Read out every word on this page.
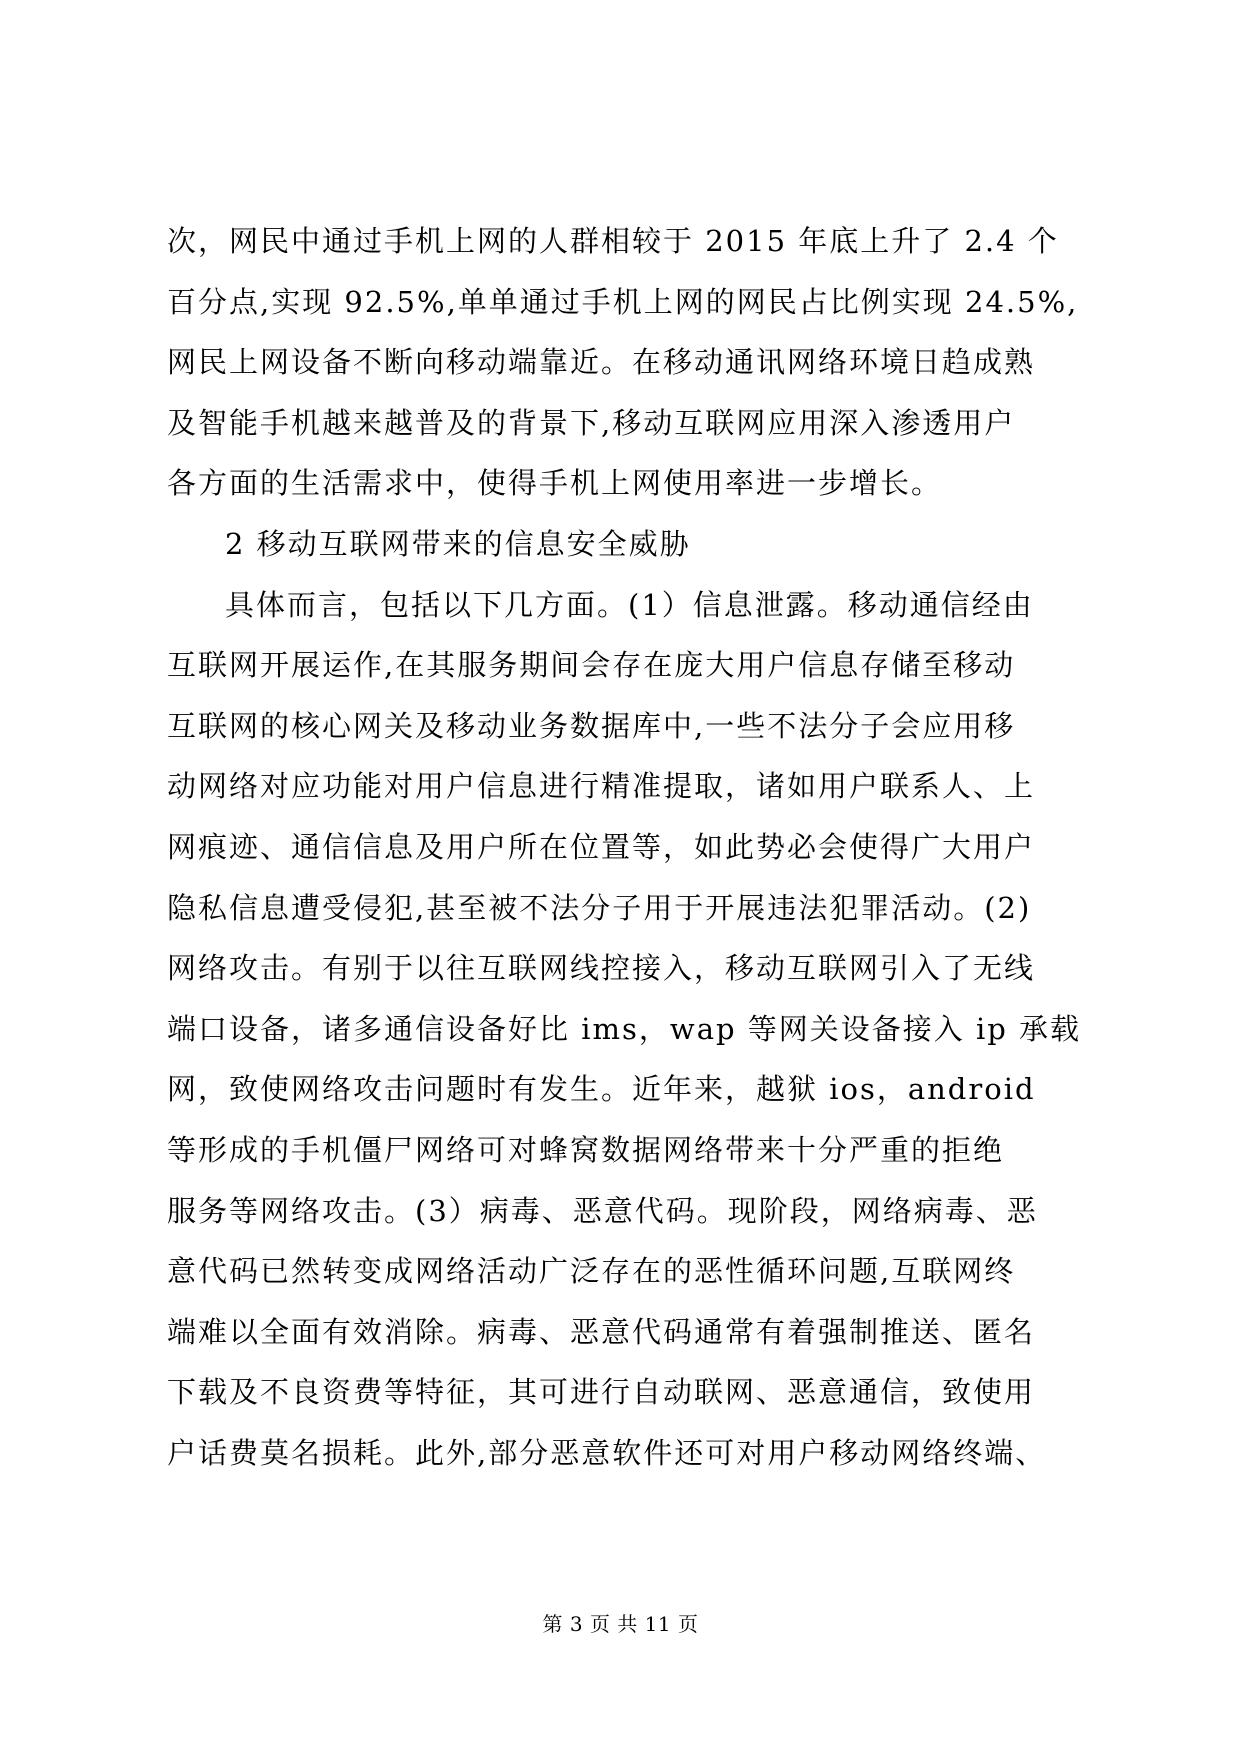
次，网民中通过手机上网的人群相较于 2015 年底上升了 2.4 个
百分点,实现 92.5%,单单通过手机上网的网民占比例实现 24.5%,
网民上网设备不断向移动端靠近。在移动通讯网络环境日趋成熟
及智能手机越来越普及的背景下,移动互联网应用深入渗透用户
各方面的生活需求中，使得手机上网使用率进一步增长。
2 移动互联网带来的信息安全威胁
具体而言，包括以下几方面。(1）信息泄露。移动通信经由
互联网开展运作,在其服务期间会存在庞大用户信息存储至移动
互联网的核心网关及移动业务数据库中,一些不法分子会应用移
动网络对应功能对用户信息进行精准提取，诸如用户联系人、上
网痕迹、通信信息及用户所在位置等，如此势必会使得广大用户
隐私信息遭受侵犯,甚至被不法分子用于开展违法犯罪活动。(2)
网络攻击。有别于以往互联网线控接入，移动互联网引入了无线
端口设备，诸多通信设备好比 ims，wap 等网关设备接入 ip 承载
网，致使网络攻击问题时有发生。近年来，越狱 ios，android
等形成的手机僵尸网络可对蜂窝数据网络带来十分严重的拒绝
服务等网络攻击。(3）病毒、恶意代码。现阶段，网络病毒、恶
意代码已然转变成网络活动广泛存在的恶性循环问题,互联网终
端难以全面有效消除。病毒、恶意代码通常有着强制推送、匿名
下载及不良资费等特征，其可进行自动联网、恶意通信，致使用
户话费莫名损耗。此外,部分恶意软件还可对用户移动网络终端、
第 3 页 共 11 页
